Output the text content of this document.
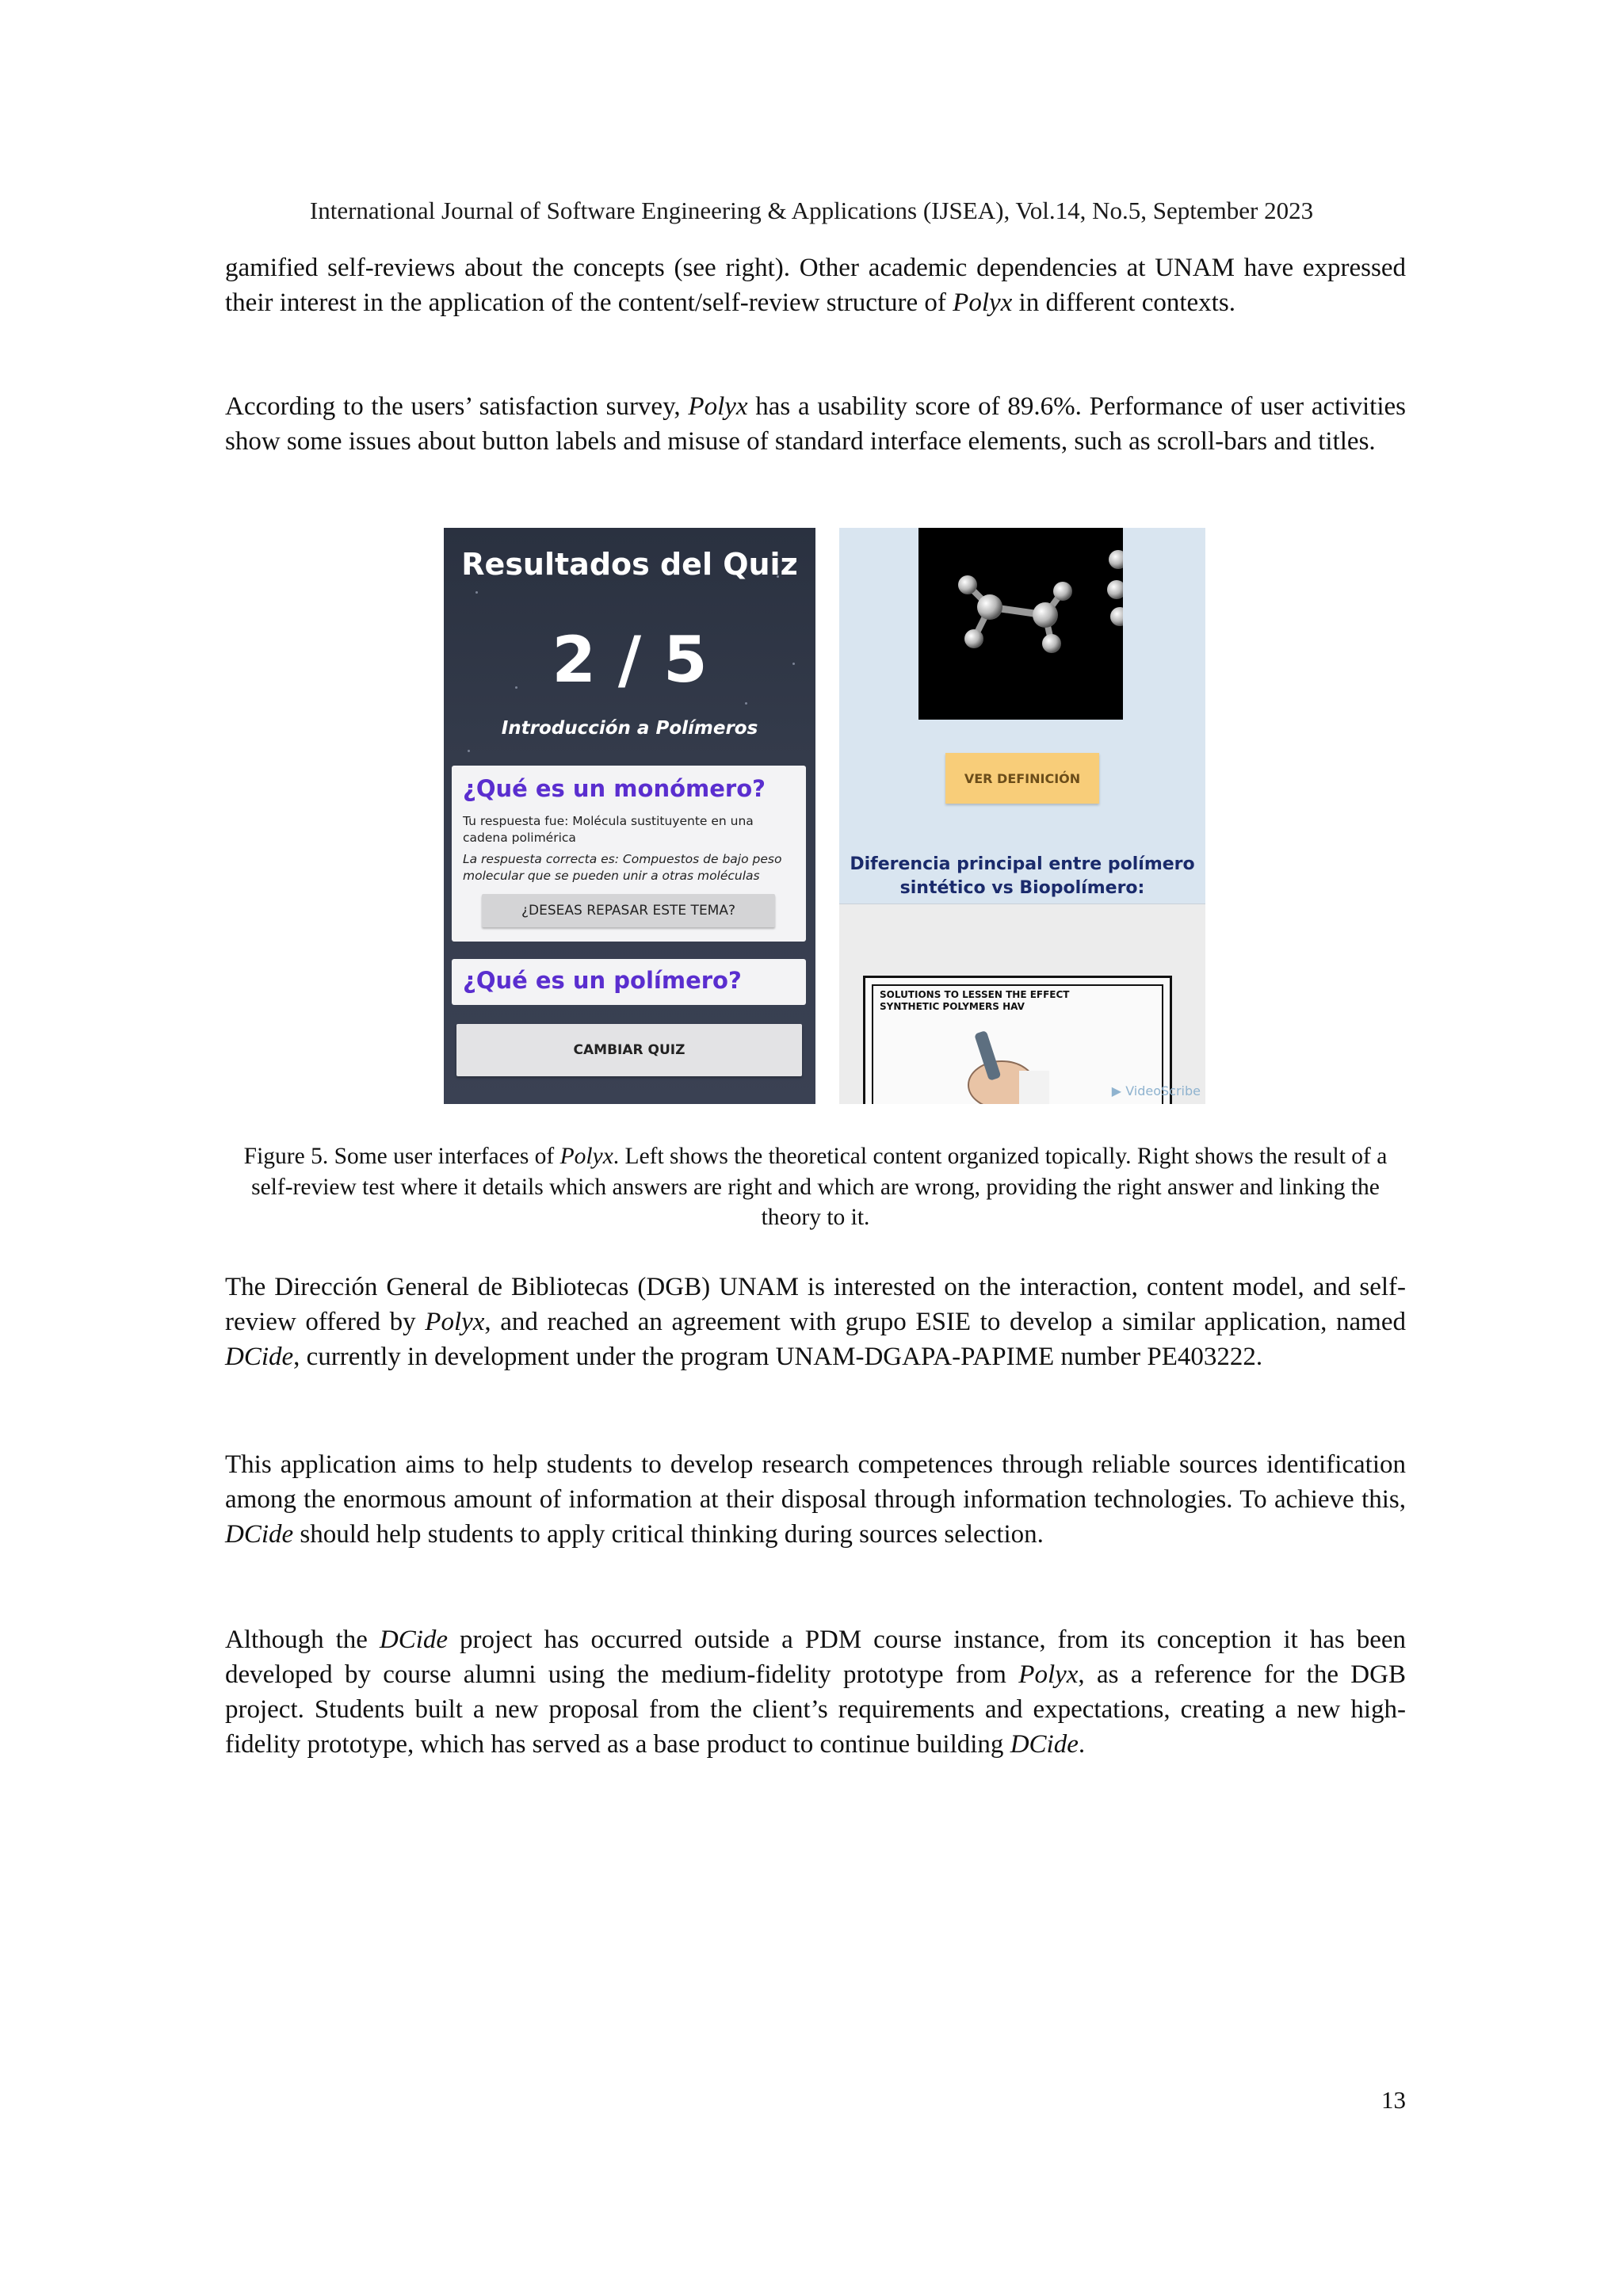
International Journal of Software Engineering & Applications (IJSEA), Vol.14, No.5, September 2023

gamified self-reviews about the concepts (see right). Other academic dependencies at UNAM have expressed their interest in the application of the content/self-review structure of Polyx in different contexts.

According to the users’ satisfaction survey, Polyx has a usability score of 89.6%. Performance of user activities show some issues about button labels and misuse of standard interface elements, such as scroll-bars and titles.

Resultados del Quiz
2 / 5
Introducción a Polímeros
¿Qué es un monómero?
Tu respuesta fue: Molécula sustituyente en una cadena polimérica
La respuesta correcta es: Compuestos de bajo peso molecular que se pueden unir a otras moléculas
¿DESEAS REPASAR ESTE TEMA?
¿Qué es un polímero?
CAMBIAR QUIZ
VER DEFINICIÓN
Diferencia principal entre polímero sintético vs Biopolímero:
SOLUTIONS TO LESSEN THE EFFECT SYNTHETIC POLYMERS HAV
▶ VideoScribe
Figure 5. Some user interfaces of Polyx. Left shows the theoretical content organized topically. Right shows the result of a self-review test where it details which answers are right and which are wrong, providing the right answer and linking the theory to it.

The Dirección General de Bibliotecas (DGB) UNAM is interested on the interaction, content model, and self-review offered by Polyx, and reached an agreement with grupo ESIE to develop a similar application, named DCide, currently in development under the program UNAM-DGAPA-PAPIME number PE403222.

This application aims to help students to develop research competences through reliable sources identification among the enormous amount of information at their disposal through information technologies. To achieve this, DCide should help students to apply critical thinking during sources selection.

Although the DCide project has occurred outside a PDM course instance, from its conception it has been developed by course alumni using the medium-fidelity prototype from Polyx, as a reference for the DGB project. Students built a new proposal from the client’s requirements and expectations, creating a new high-fidelity prototype, which has served as a base product to continue building DCide.

13
